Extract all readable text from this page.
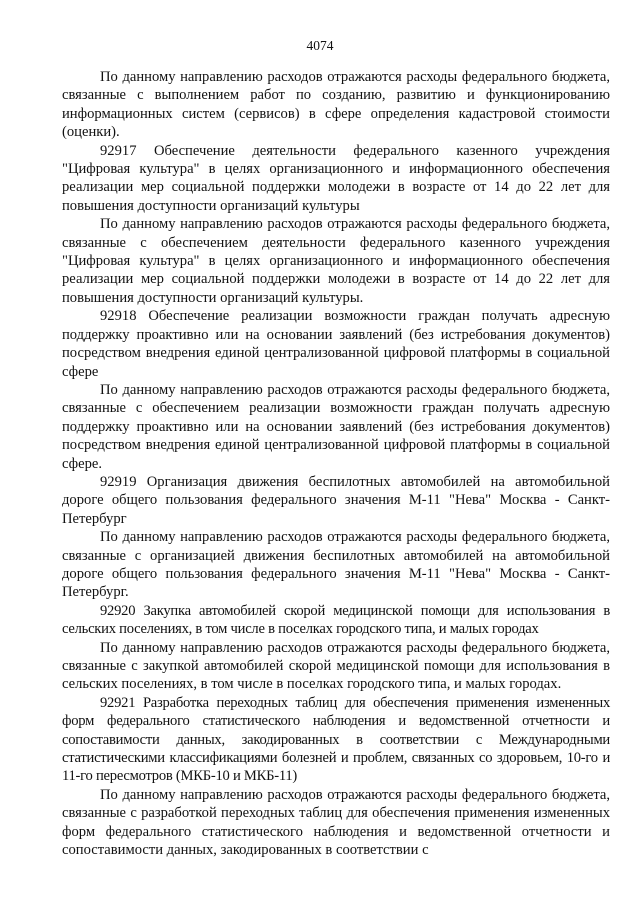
4074

По данному направлению расходов отражаются расходы федерального бюджета, связанные с выполнением работ по созданию, развитию и функционированию информационных систем (сервисов) в сфере определения кадастровой стоимости (оценки).

92917 Обеспечение деятельности федерального казенного учреждения "Цифровая культура" в целях организационного и информационного обеспечения реализации мер социальной поддержки молодежи в возрасте от 14 до 22 лет для повышения доступности организаций культуры

По данному направлению расходов отражаются расходы федерального бюджета, связанные с обеспечением деятельности федерального казенного учреждения "Цифровая культура" в целях организационного и информационного обеспечения реализации мер социальной поддержки молодежи в возрасте от 14 до 22 лет для повышения доступности организаций культуры.

92918 Обеспечение реализации возможности граждан получать адресную поддержку проактивно или на основании заявлений (без истребования документов) посредством внедрения единой централизованной цифровой платформы в социальной сфере

По данному направлению расходов отражаются расходы федерального бюджета, связанные с обеспечением реализации возможности граждан получать адресную поддержку проактивно или на основании заявлений (без истребования документов) посредством внедрения единой централизованной цифровой платформы в социальной сфере.

92919 Организация движения беспилотных автомобилей на автомобильной дороге общего пользования федерального значения М-11 "Нева" Москва - Санкт-Петербург

По данному направлению расходов отражаются расходы федерального бюджета, связанные с организацией движения беспилотных автомобилей на автомобильной дороге общего пользования федерального значения М-11 "Нева" Москва - Санкт-Петербург.

92920 Закупка автомобилей скорой медицинской помощи для использования в сельских поселениях, в том числе в поселках городского типа, и малых городах

По данному направлению расходов отражаются расходы федерального бюджета, связанные с закупкой автомобилей скорой медицинской помощи для использования в сельских поселениях, в том числе в поселках городского типа, и малых городах.

92921 Разработка переходных таблиц для обеспечения применения измененных форм федерального статистического наблюдения и ведомственной отчетности и сопоставимости данных, закодированных в соответствии с Международными статистическими классификациями болезней и проблем, связанных со здоровьем, 10-го и 11-го пересмотров (МКБ-10 и МКБ-11)

По данному направлению расходов отражаются расходы федерального бюджета, связанные с разработкой переходных таблиц для обеспечения применения измененных форм федерального статистического наблюдения и ведомственной отчетности и сопоставимости данных, закодированных в соответствии с
